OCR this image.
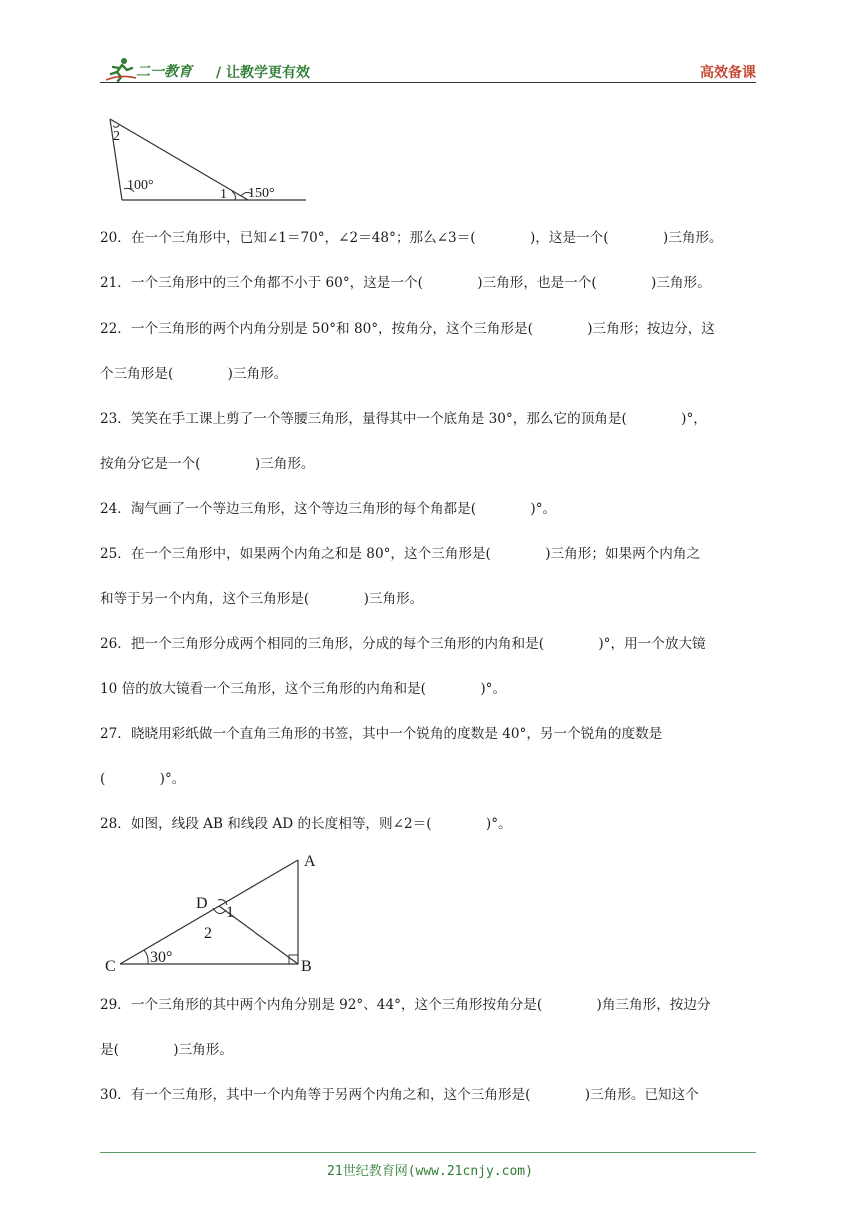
二一教育 / 让教学更有效	高效备课
2
100°
1 150°
20．在一个三角形中，已知∠1＝70°，∠2＝48°；那么∠3＝(　　　　)，这是一个(　　　　)三角形。
21．一个三角形中的三个角都不小于 60°，这是一个(　　　　)三角形，也是一个(　　　　)三角形。
22．一个三角形的两个内角分别是 50°和 80°，按角分，这个三角形是(　　　　)三角形；按边分，这
个三角形是(　　　　)三角形。
23．笑笑在手工课上剪了一个等腰三角形，量得其中一个底角是 30°，那么它的顶角是(　　　　)°，
按角分它是一个(　　　　)三角形。
24．淘气画了一个等边三角形，这个等边三角形的每个角都是(　　　　)°。
25．在一个三角形中，如果两个内角之和是 80°，这个三角形是(　　　　)三角形；如果两个内角之
和等于另一个内角，这个三角形是(　　　　)三角形。
26．把一个三角形分成两个相同的三角形，分成的每个三角形的内角和是(　　　　)°，用一个放大镜
10 倍的放大镜看一个三角形，这个三角形的内角和是(　　　　)°。
27．晓晓用彩纸做一个直角三角形的书签，其中一个锐角的度数是 40°，另一个锐角的度数是
(　　　　)°。
28．如图，线段 AB 和线段 AD 的长度相等，则∠2＝(　　　　)°。
A
B
C
D
1
2
30°
29．一个三角形的其中两个内角分别是 92°、44°，这个三角形按角分是(　　　　)角三角形，按边分
是(　　　　)三角形。
30．有一个三角形，其中一个内角等于另两个内角之和，这个三角形是(　　　　)三角形。已知这个
21世纪教育网(www.21cnjy.com)
